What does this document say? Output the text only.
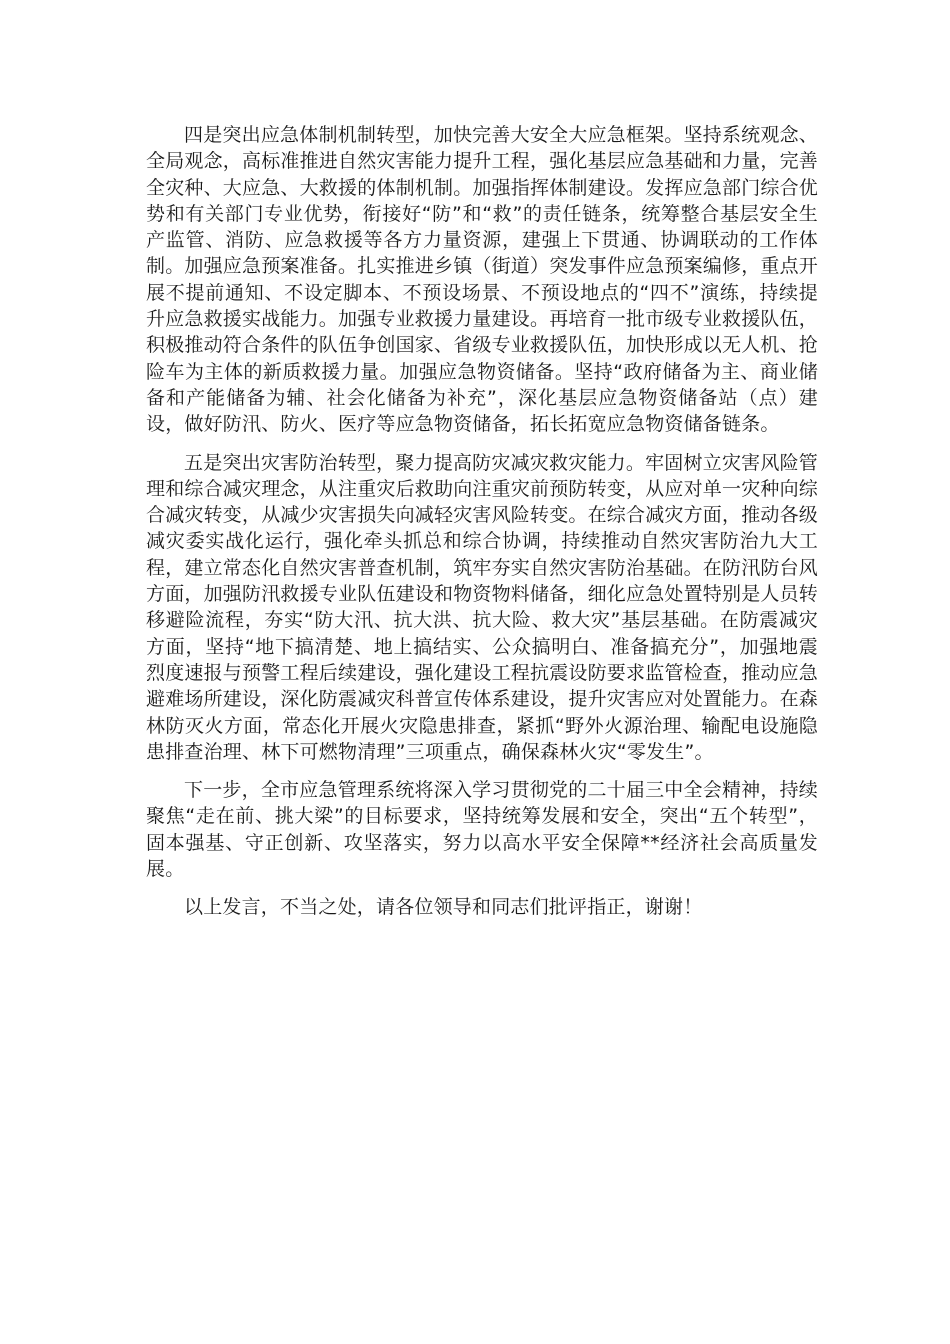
四是突出应急体制机制转型，加快完善大安全大应急框架。坚持系统观念、全局观念，高标准推进自然灾害能力提升工程，强化基层应急基础和力量，完善全灾种、大应急、大救援的体制机制。加强指挥体制建设。发挥应急部门综合优势和有关部门专业优势，衔接好“防”和“救”的责任链条，统筹整合基层安全生产监管、消防、应急救援等各方力量资源，建强上下贯通、协调联动的工作体制。加强应急预案准备。扎实推进乡镇（街道）突发事件应急预案编修，重点开展不提前通知、不设定脚本、不预设场景、不预设地点的“四不”演练，持续提升应急救援实战能力。加强专业救援力量建设。再培育一批市级专业救援队伍，积极推动符合条件的队伍争创国家、省级专业救援队伍，加快形成以无人机、抢险车为主体的新质救援力量。加强应急物资储备。坚持“政府储备为主、商业储备和产能储备为辅、社会化储备为补充”，深化基层应急物资储备站（点）建设，做好防汛、防火、医疗等应急物资储备，拓长拓宽应急物资储备链条。

五是突出灾害防治转型，聚力提高防灾减灾救灾能力。牢固树立灾害风险管理和综合减灾理念，从注重灾后救助向注重灾前预防转变，从应对单一灾种向综合减灾转变，从减少灾害损失向减轻灾害风险转变。在综合减灾方面，推动各级减灾委实战化运行，强化牵头抓总和综合协调，持续推动自然灾害防治九大工程，建立常态化自然灾害普查机制，筑牢夯实自然灾害防治基础。在防汛防台风方面，加强防汛救援专业队伍建设和物资物料储备，细化应急处置特别是人员转移避险流程，夯实“防大汛、抗大洪、抗大险、救大灾”基层基础。在防震减灾方面，坚持“地下搞清楚、地上搞结实、公众搞明白、准备搞充分”，加强地震烈度速报与预警工程后续建设，强化建设工程抗震设防要求监管检查，推动应急避难场所建设，深化防震减灾科普宣传体系建设，提升灾害应对处置能力。在森林防灭火方面，常态化开展火灾隐患排查，紧抓“野外火源治理、输配电设施隐患排查治理、林下可燃物清理”三项重点，确保森林火灾“零发生”。

下一步，全市应急管理系统将深入学习贯彻党的二十届三中全会精神，持续聚焦“走在前、挑大梁”的目标要求，坚持统筹发展和安全，突出“五个转型”，固本强基、守正创新、攻坚落实，努力以高水平安全保障**经济社会高质量发展。

以上发言，不当之处，请各位领导和同志们批评指正，谢谢！
